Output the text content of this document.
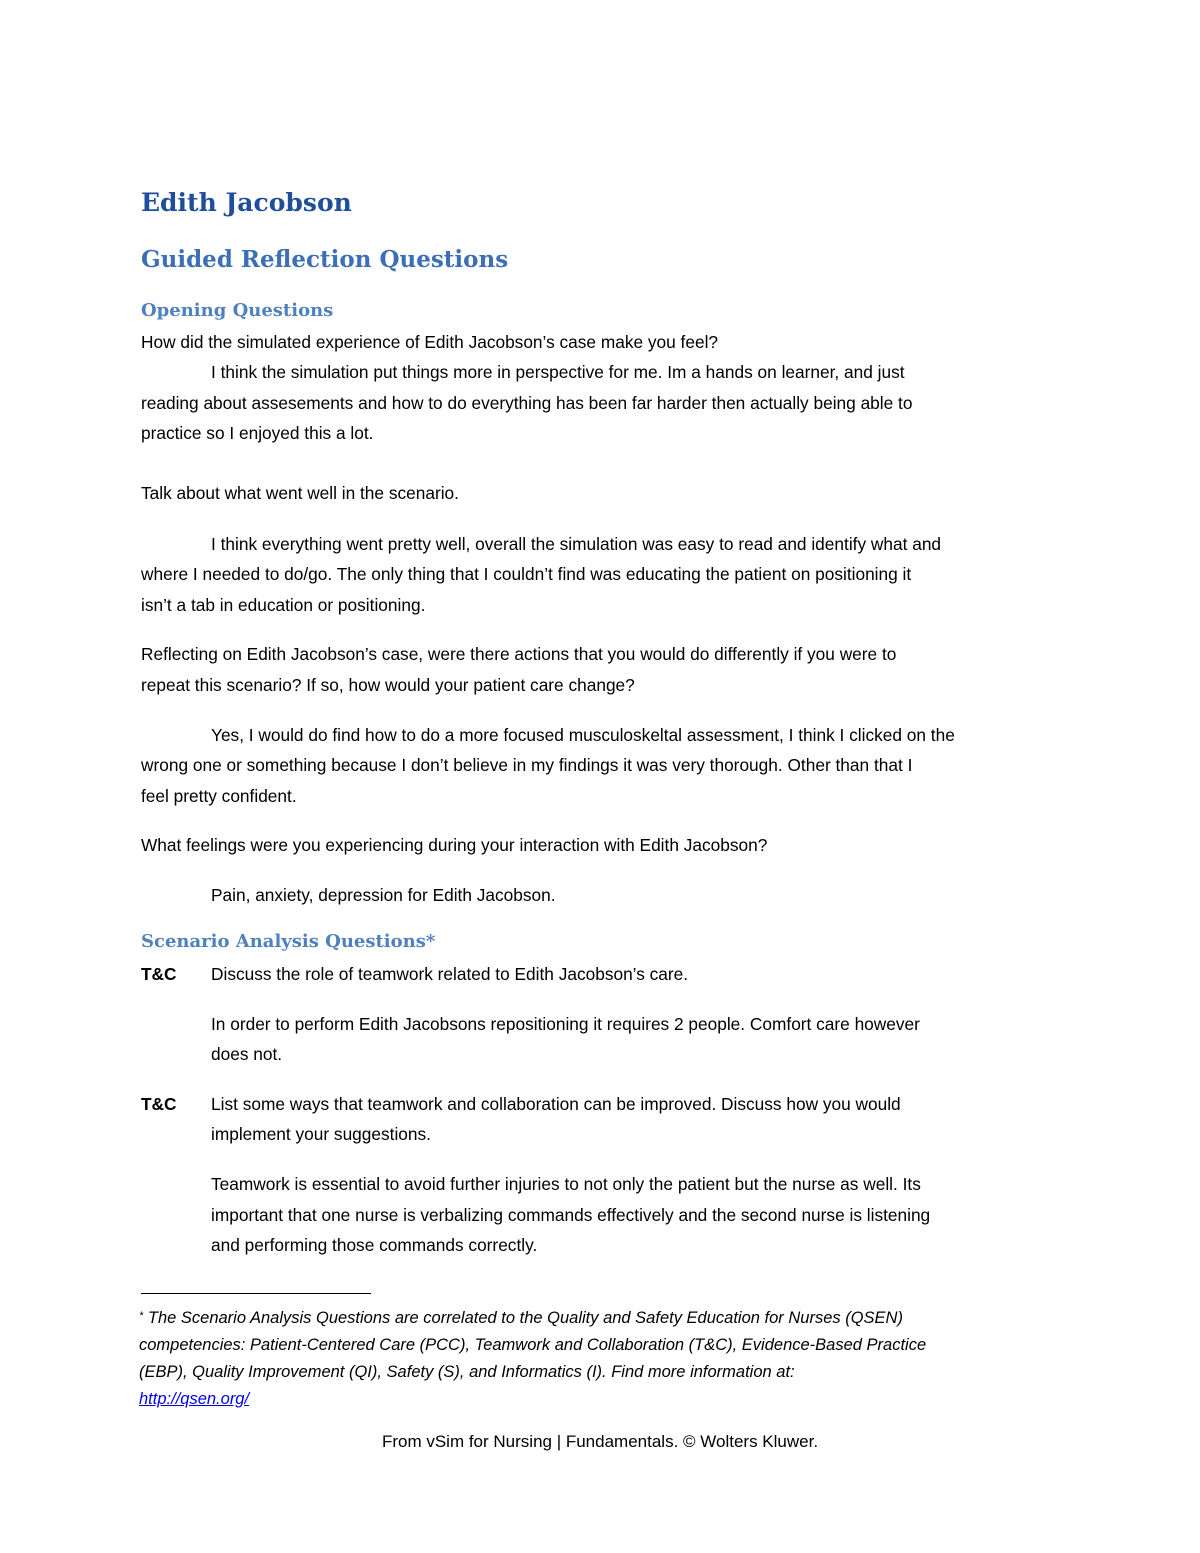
Edith Jacobson
Guided Reflection Questions
Opening Questions

How did the simulated experience of Edith Jacobson’s case make you feel?

I think the simulation put things more in perspective for me. Im a hands on learner, and just

reading about assesements and how to do everything has been far harder then actually being able to

practice so I enjoyed this a lot.

Talk about what went well in the scenario.

I think everything went pretty well, overall the simulation was easy to read and identify what and

where I needed to do/go. The only thing that I couldn’t find was educating the patient on positioning it

isn’t a tab in education or positioning.

Reflecting on Edith Jacobson’s case, were there actions that you would do differently if you were to

repeat this scenario? If so, how would your patient care change?

Yes, I would do find how to do a more focused musculoskeltal assessment, I think I clicked on the

wrong one or something because I don’t believe in my findings it was very thorough. Other than that I

feel pretty confident.

What feelings were you experiencing during your interaction with Edith Jacobson?

Pain, anxiety, depression for Edith Jacobson.

Scenario Analysis Questions*

T&C Discuss the role of teamwork related to Edith Jacobson’s care.

In order to perform Edith Jacobsons repositioning it requires 2 people. Comfort care however

does not.

T&C List some ways that teamwork and collaboration can be improved. Discuss how you would

implement your suggestions.

Teamwork is essential to avoid further injuries to not only the patient but the nurse as well. Its

important that one nurse is verbalizing commands effectively and the second nurse is listening

and performing those commands correctly.

* The Scenario Analysis Questions are correlated to the Quality and Safety Education for Nurses (QSEN)
competencies: Patient-Centered Care (PCC), Teamwork and Collaboration (T&C), Evidence-Based Practice
(EBP), Quality Improvement (QI), Safety (S), and Informatics (I). Find more information at:
http://qsen.org/

From vSim for Nursing | Fundamentals. © Wolters Kluwer.
